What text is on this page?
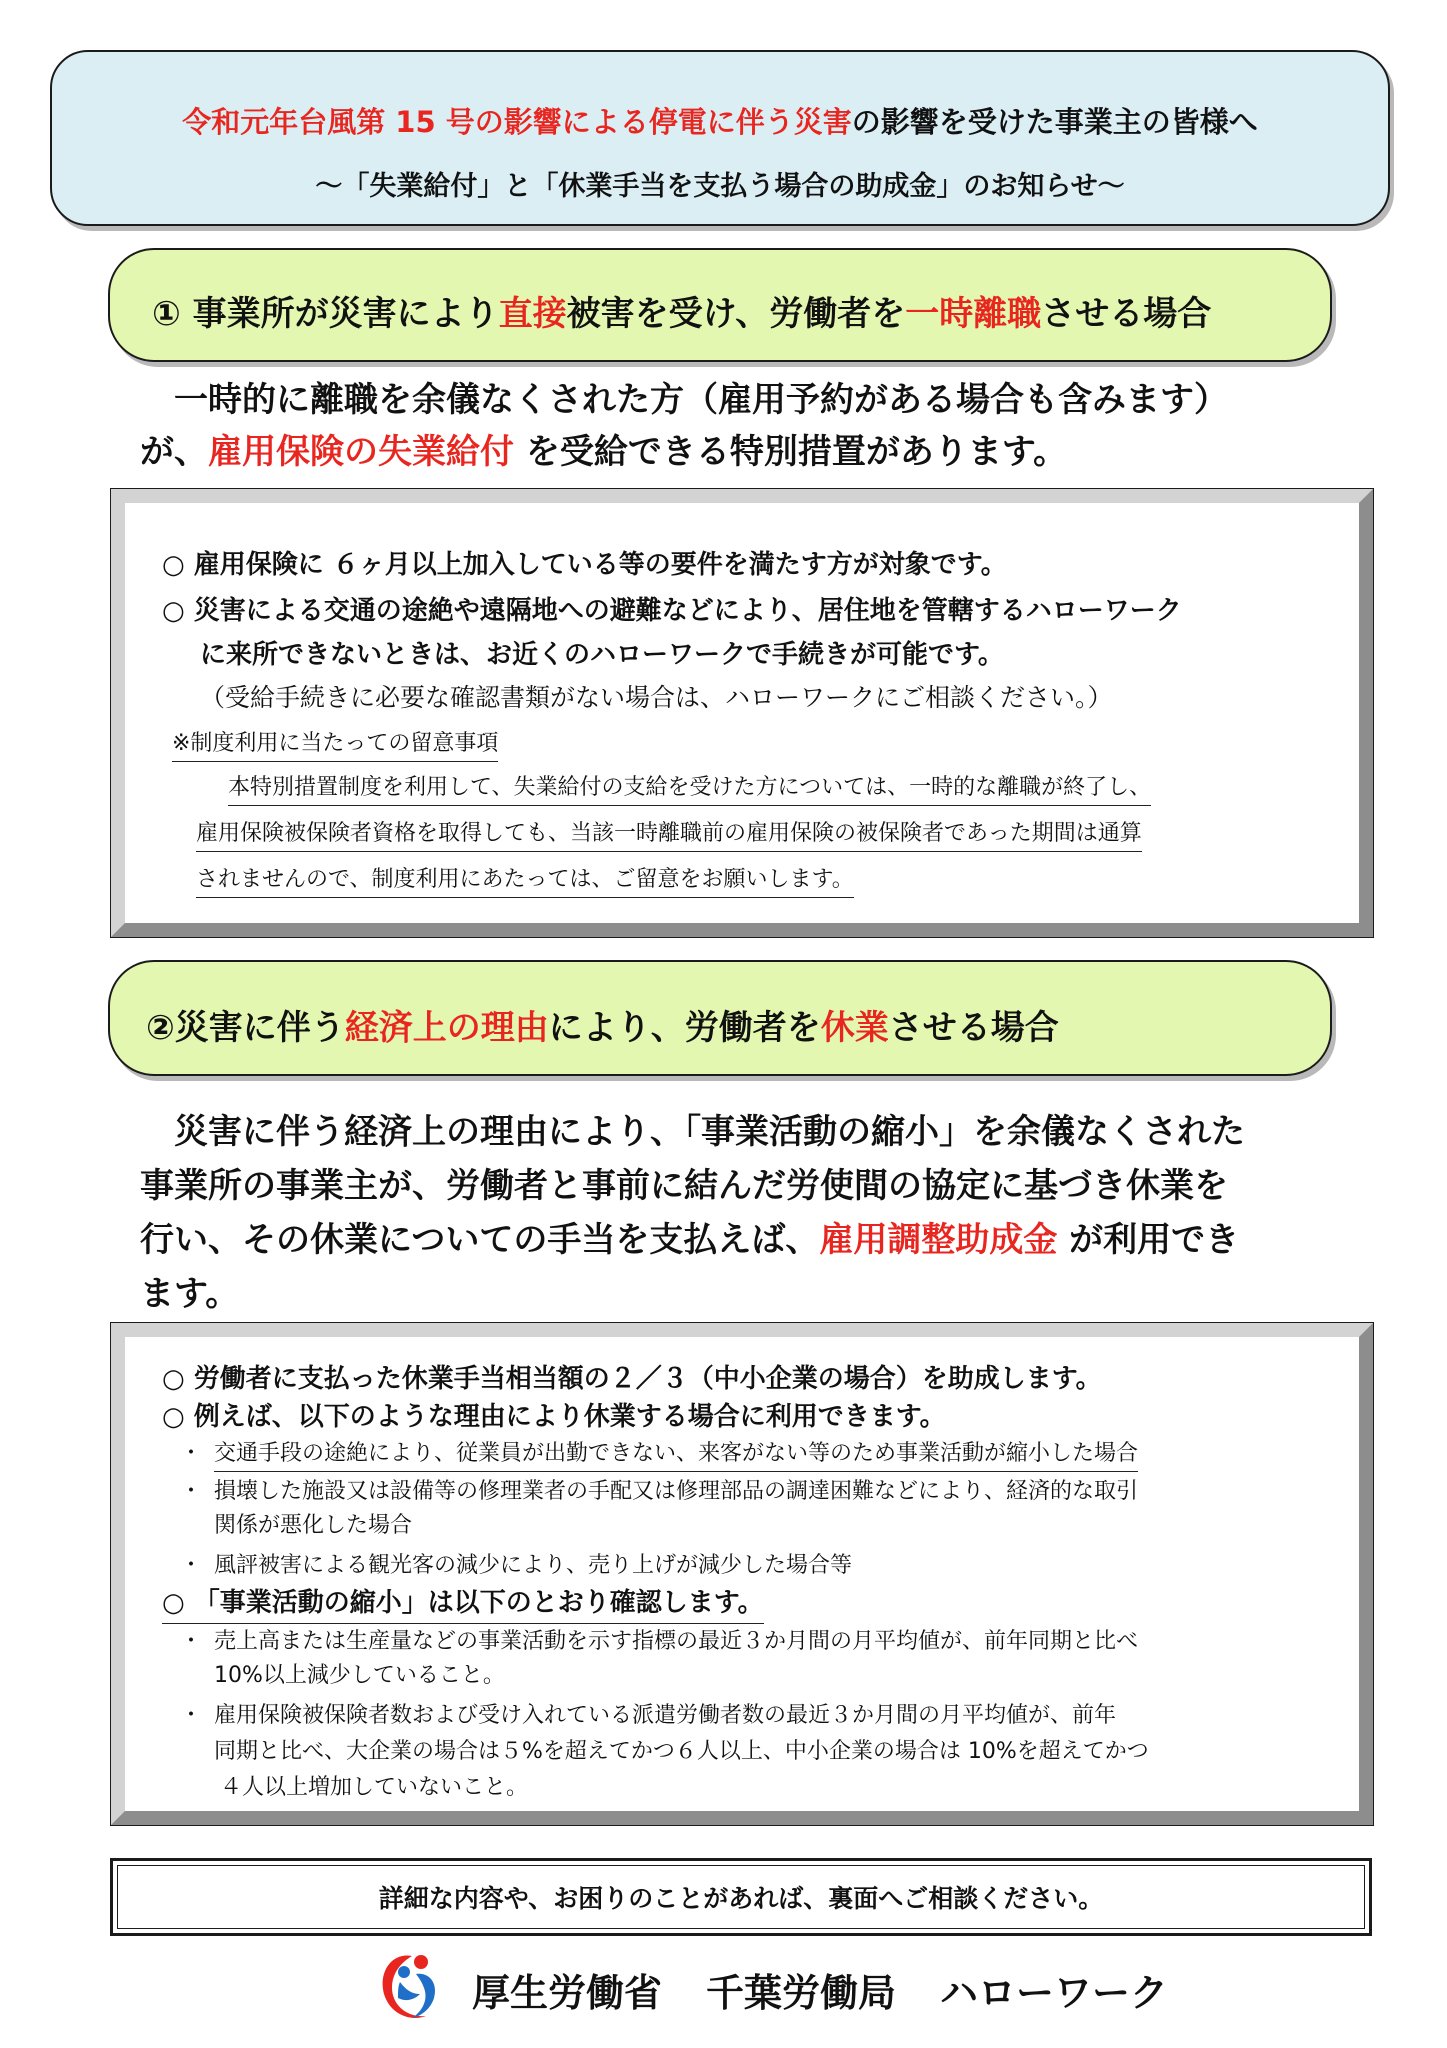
令和元年台風第 15 号の影響による停電に伴う災害の影響を受けた事業主の皆様へ
～「失業給付」と「休業手当を支払う場合の助成金」のお知らせ～
① 事業所が災害により直接被害を受け、労働者を一時離職させる場合
一時的に離職を余儀なくされた方（雇用予約がある場合も含みます）
が、雇用保険の失業給付 を受給できる特別措置があります。
○ 雇用保険に ６ヶ月以上加入している等の要件を満たす方が対象です。
○ 災害による交通の途絶や遠隔地への避難などにより、居住地を管轄するハローワーク
に来所できないときは、お近くのハローワークで手続きが可能です。
（受給手続きに必要な確認書類がない場合は、ハローワークにご相談ください。）
※制度利用に当たっての留意事項
本特別措置制度を利用して、失業給付の支給を受けた方については、一時的な離職が終了し、
雇用保険被保険者資格を取得しても、当該一時離職前の雇用保険の被保険者であった期間は通算
されませんので、制度利用にあたっては、ご留意をお願いします。
②災害に伴う経済上の理由により、労働者を休業させる場合
災害に伴う経済上の理由により、「事業活動の縮小」を余儀なくされた
事業所の事業主が、労働者と事前に結んだ労使間の協定に基づき休業を
行い、その休業についての手当を支払えば、雇用調整助成金 が利用でき
ます。
○ 労働者に支払った休業手当相当額の２／３（中小企業の場合）を助成します。
○ 例えば、以下のような理由により休業する場合に利用できます。
・ 交通手段の途絶により、従業員が出勤できない、来客がない等のため事業活動が縮小した場合
・ 損壊した施設又は設備等の修理業者の手配又は修理部品の調達困難などにより、経済的な取引
関係が悪化した場合
・ 風評被害による観光客の減少により、売り上げが減少した場合等
○ 「事業活動の縮小」は以下のとおり確認します。
・ 売上高または生産量などの事業活動を示す指標の最近３か月間の月平均値が、前年同期と比べ
10%以上減少していること。
・ 雇用保険被保険者数および受け入れている派遣労働者数の最近３か月間の月平均値が、前年
同期と比べ、大企業の場合は５%を超えてかつ６人以上、中小企業の場合は 10%を超えてかつ
４人以上増加していないこと。
詳細な内容や、お困りのことがあれば、裏面へご相談ください。
厚生労働省 千葉労働局 ハローワーク
